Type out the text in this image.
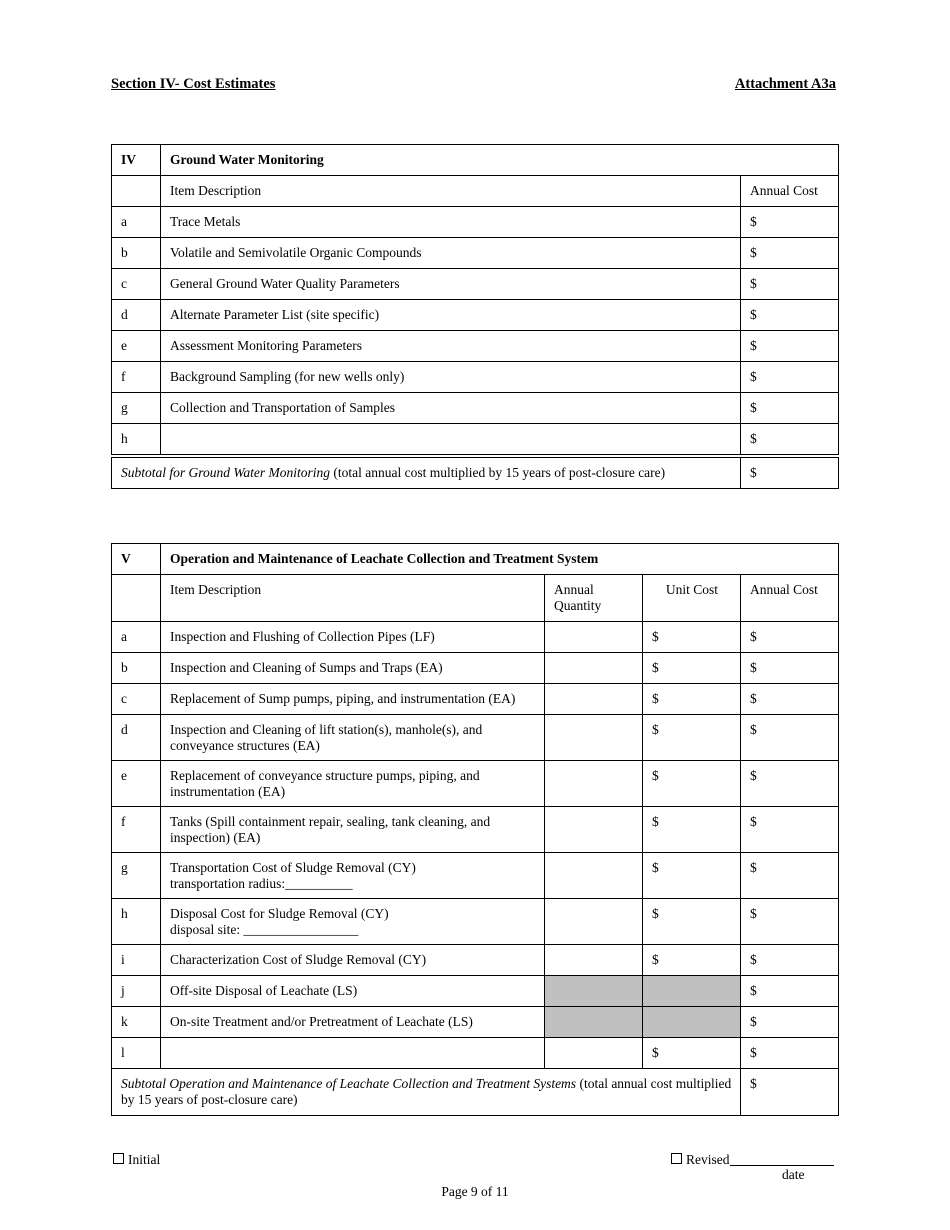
Section IV- Cost Estimates	Attachment A3a
IV	Ground Water Monitoring	
	Item Description	Annual Cost
a	Trace Metals	$
b	Volatile and Semivolatile Organic Compounds	$
c	General Ground Water Quality Parameters	$
d	Alternate Parameter List (site specific)	$
e	Assessment Monitoring Parameters	$
f	Background Sampling (for new wells only)	$
g	Collection and Transportation of Samples	$
h		$
Subtotal for Ground Water Monitoring (total annual cost multiplied by 15 years of post-closure care)		$
V	Operation and Maintenance of Leachate Collection and Treatment System			
	Item Description	Annual Quantity	Unit Cost	Annual Cost
a	Inspection and Flushing of Collection Pipes (LF)		$	$
b	Inspection and Cleaning of Sumps and Traps (EA)		$	$
c	Replacement of Sump pumps, piping, and instrumentation (EA)		$	$
d	Inspection and Cleaning of lift station(s), manhole(s), and
conveyance structures (EA)		$	$
e	Replacement of conveyance structure pumps, piping, and
instrumentation (EA)		$	$
f	Tanks (Spill containment repair, sealing, tank cleaning, and
inspection) (EA)		$	$
g	Transportation Cost of Sludge Removal (CY)
transportation radius:__________		$	$
h	Disposal Cost for Sludge Removal (CY)
disposal site: _________________		$	$
i	Characterization Cost of Sludge Removal (CY)		$	$
j	Off-site Disposal of Leachate (LS)			$
k	On-site Treatment and/or Pretreatment of Leachate (LS)			$
l			$	$
Subtotal Operation and Maintenance of Leachate Collection and Treatment Systems (total annual cost multiplied by 15 years of post-closure care)				$
Initial	Revised
date
Page 9 of 11
